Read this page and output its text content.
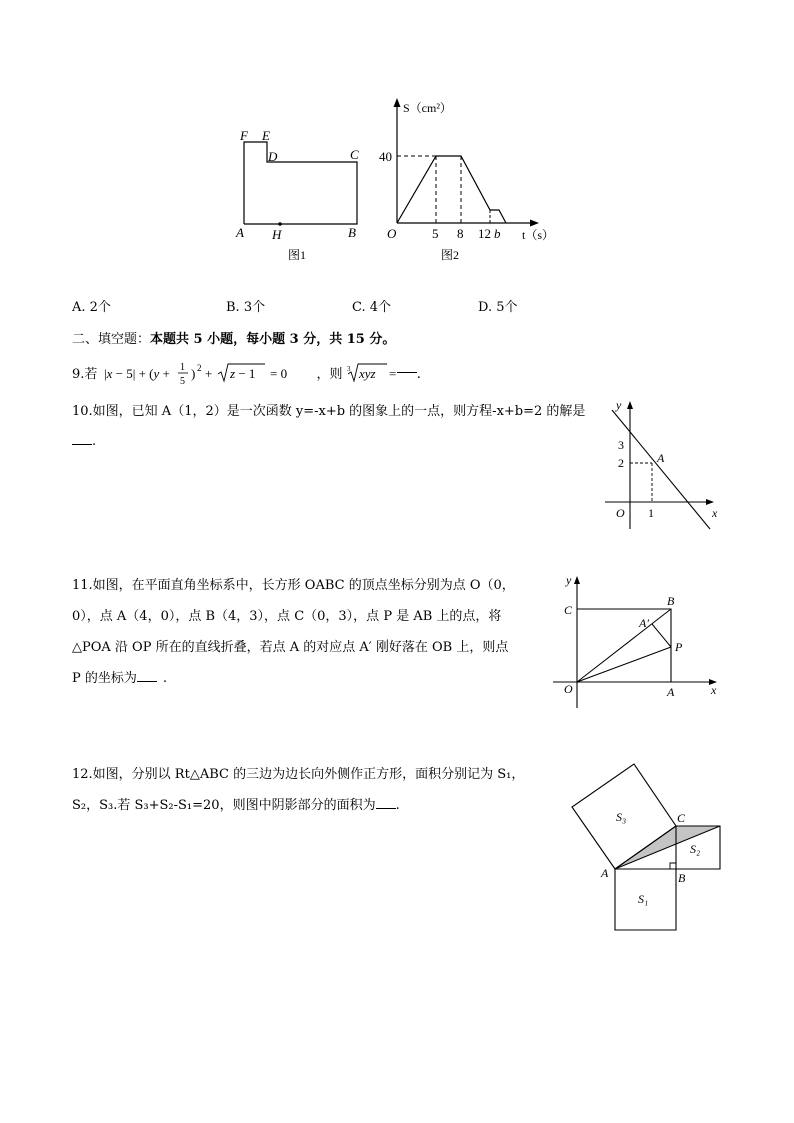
F E
D	C
A H	B
图1
S（cm²）
t（s）
40
O	5 8 12 b
图2
A. 2个	B. 3个	C. 4个	D. 5个
二、填空题：本题共 5 小题，每小题 3 分，共 15 分。
9.若 |x − 5| + (y + 1
5
) 2 + z − 1 = 0 ，则 3 xyz = .
10.如图，已知 A（1，2）是一次函数 y=-x+b 的图象上的一点，则方程-x+b=2 的解是
.
y
x
3
2
1
O
A
11.如图，在平面直角坐标系中，长方形 OABC 的顶点坐标分别为点 O（0，
0），点 A（4，0），点 B（4，3），点 C（0，3），点 P 是 AB 上的点，将
△POA 沿 OP 所在的直线折叠，若点 A 的对应点 A′ 刚好落在 OB 上，则点
P 的坐标为 .
y
x
C
B
A′
P
O	A
12.如图，分别以 Rt△ABC 的三边为边长向外侧作正方形，面积分别记为 S₁，
S₂，S₃.若 S₃+S₂-S₁=20，则图中阴影部分的面积为 .
S₃
S₂
S₁
C
A	B
